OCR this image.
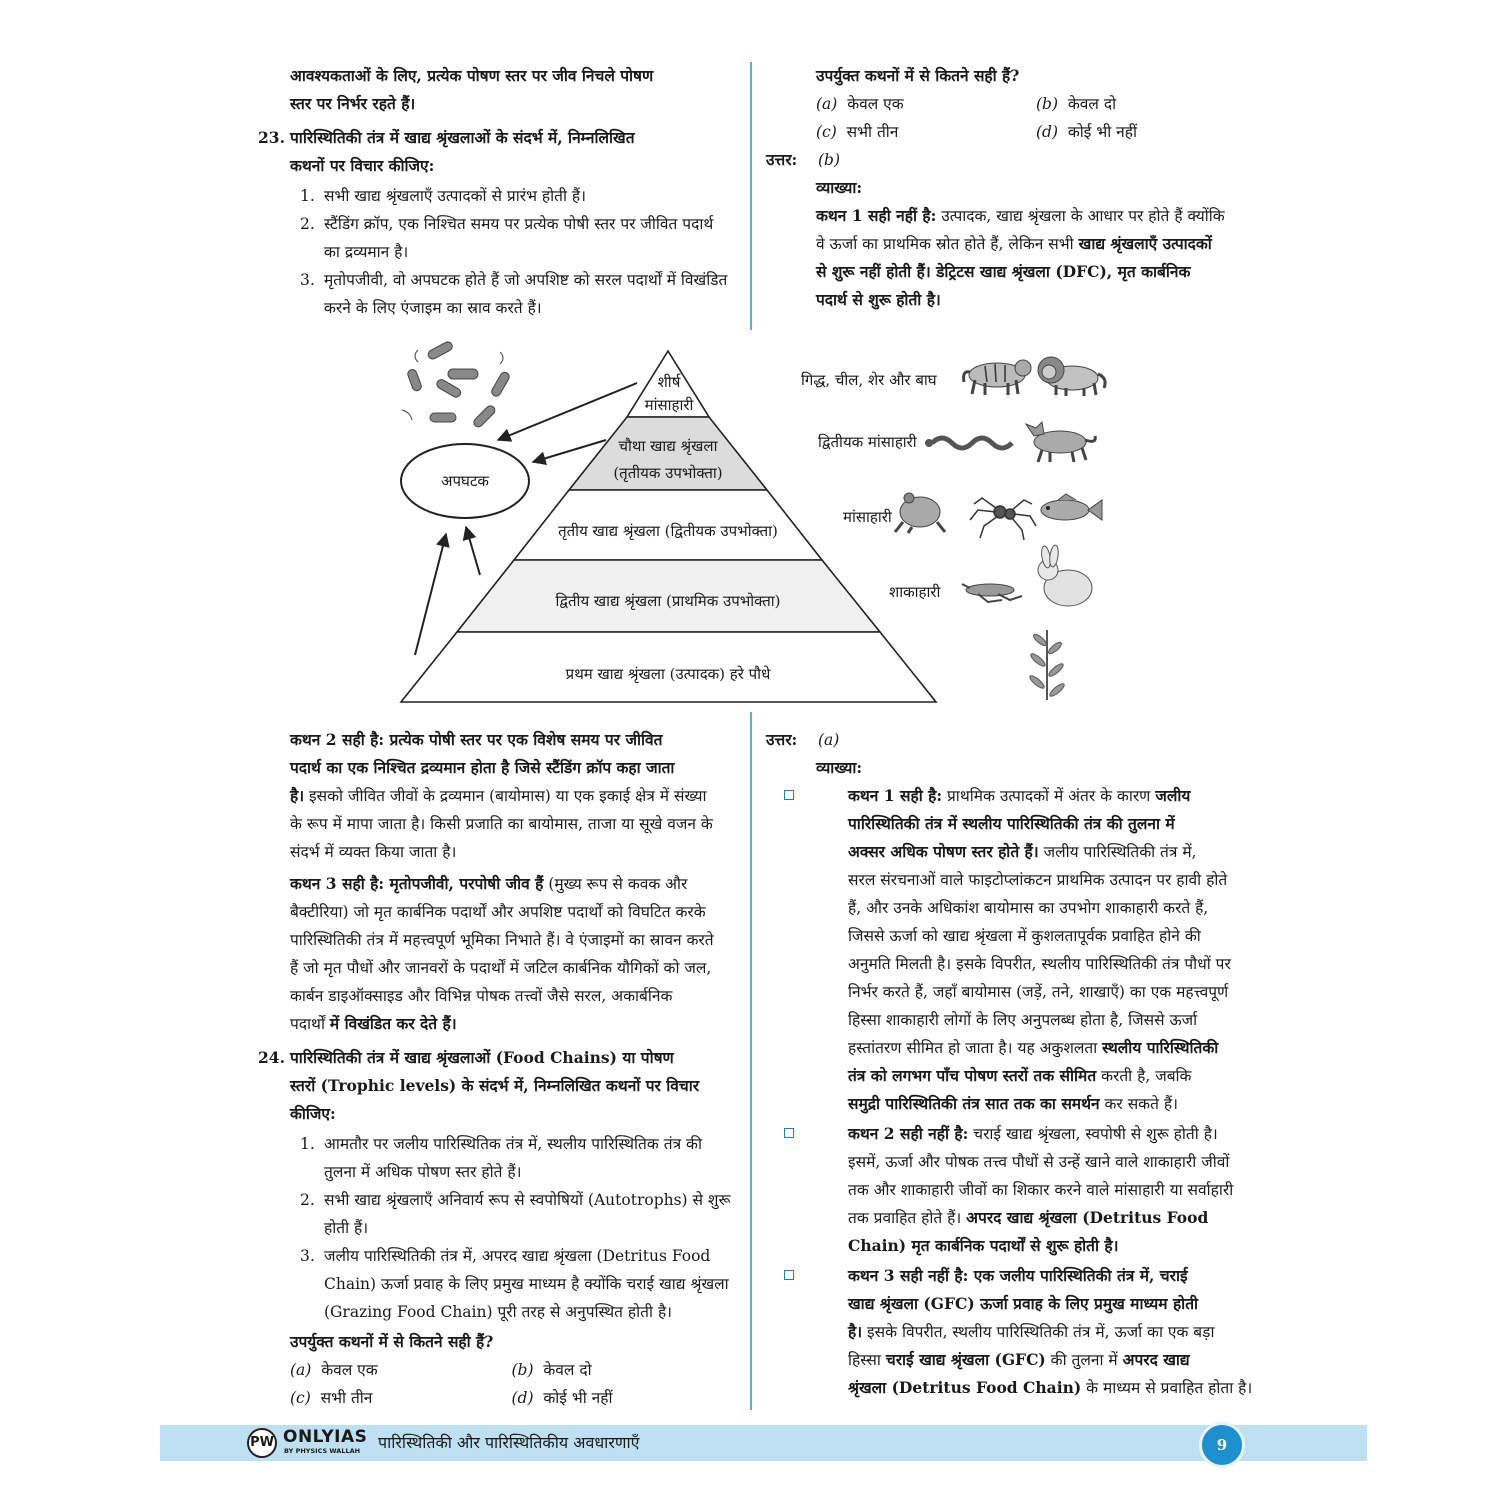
आवश्यकताओं के लिए, प्रत्येक पोषण स्तर पर जीव निचले पोषण
स्तर पर निर्भर रहते हैं।

23. पारिस्थितिकी तंत्र में खाद्य श्रृंखलाओं के संदर्भ में, निम्नलिखित
कथनों पर विचार कीजिए:

1. सभी खाद्य श्रृंखलाएँ उत्पादकों से प्रारंभ होती हैं।
2. स्टैंडिंग क्रॉप, एक निश्चित समय पर प्रत्येक पोषी स्तर पर जीवित पदार्थ
का द्रव्यमान है।
3. मृतोपजीवी, वो अपघटक होते हैं जो अपशिष्ट को सरल पदार्थों में विखंडित
करने के लिए एंजाइम का स्राव करते हैं।

उपर्युक्त कथनों में से कितने सही हैं?

(a) केवल एक	(b) केवल दो
(c) सभी तीन	(d) कोई भी नहीं
उत्तर: (b)

व्याख्या:

कथन 1 सही नहीं है: उत्पादक, खाद्य श्रृंखला के आधार पर होते हैं क्योंकि
वे ऊर्जा का प्राथमिक स्रोत होते हैं, लेकिन सभी खाद्य श्रृंखलाएँ उत्पादकों
से शुरू नहीं होती हैं। डेट्रिटस खाद्य श्रृंखला (DFC), मृत कार्बनिक
पदार्थ से शुरू होती है।

अपघटक
शीर्ष
मांसाहारी
चौथा खाद्य श्रृंखला
(तृतीयक उपभोक्ता)
तृतीय खाद्य श्रृंखला (द्वितीयक उपभोक्ता)
द्वितीय खाद्य श्रृंखला (प्राथमिक उपभोक्ता)
प्रथम खाद्य श्रृंखला (उत्पादक) हरे पौधे
गिद्ध, चील, शेर और बाघ
द्वितीयक मांसाहारी
मांसाहारी
शाकाहारी

कथन 2 सही है: प्रत्येक पोषी स्तर पर एक विशेष समय पर जीवित
पदार्थ का एक निश्चित द्रव्यमान होता है जिसे स्टैंडिंग क्रॉप कहा जाता
है। इसको जीवित जीवों के द्रव्यमान (बायोमास) या एक इकाई क्षेत्र में संख्या
के रूप में मापा जाता है। किसी प्रजाति का बायोमास, ताजा या सूखे वजन के
संदर्भ में व्यक्त किया जाता है।

कथन 3 सही है: मृतोपजीवी, परपोषी जीव हैं (मुख्य रूप से कवक और
बैक्टीरिया) जो मृत कार्बनिक पदार्थों और अपशिष्ट पदार्थों को विघटित करके
पारिस्थितिकी तंत्र में महत्त्वपूर्ण भूमिका निभाते हैं। वे एंजाइमों का स्रावन करते
हैं जो मृत पौधों और जानवरों के पदार्थों में जटिल कार्बनिक यौगिकों को जल,
कार्बन डाइऑक्साइड और विभिन्न पोषक तत्त्वों जैसे सरल, अकार्बनिक
पदार्थों में विखंडित कर देते हैं।

24. पारिस्थितिकी तंत्र में खाद्य श्रृंखलाओं (Food Chains) या पोषण
स्तरों (Trophic levels) के संदर्भ में, निम्नलिखित कथनों पर विचार
कीजिए:

1. आमतौर पर जलीय पारिस्थितिक तंत्र में, स्थलीय पारिस्थितिक तंत्र की
तुलना में अधिक पोषण स्तर होते हैं।
2. सभी खाद्य श्रृंखलाएँ अनिवार्य रूप से स्वपोषियों (Autotrophs) से शुरू
होती हैं।
3. जलीय पारिस्थितिकी तंत्र में, अपरद खाद्य श्रृंखला (Detritus Food
Chain) ऊर्जा प्रवाह के लिए प्रमुख माध्यम है क्योंकि चराई खाद्य श्रृंखला
(Grazing Food Chain) पूरी तरह से अनुपस्थित होती है।

उपर्युक्त कथनों में से कितने सही हैं?

(a) केवल एक	(b) केवल दो
(c) सभी तीन	(d) कोई भी नहीं
उत्तर: (a)

व्याख्या:

कथन 1 सही है: प्राथमिक उत्पादकों में अंतर के कारण जलीय
पारिस्थितिकी तंत्र में स्थलीय पारिस्थितिकी तंत्र की तुलना में
अक्सर अधिक पोषण स्तर होते हैं। जलीय पारिस्थितिकी तंत्र में,
सरल संरचनाओं वाले फाइटोप्लांकटन प्राथमिक उत्पादन पर हावी होते
हैं, और उनके अधिकांश बायोमास का उपभोग शाकाहारी करते हैं,
जिससे ऊर्जा को खाद्य श्रृंखला में कुशलतापूर्वक प्रवाहित होने की
अनुमति मिलती है। इसके विपरीत, स्थलीय पारिस्थितिकी तंत्र पौधों पर
निर्भर करते हैं, जहाँ बायोमास (जड़ें, तने, शाखाएँ) का एक महत्त्वपूर्ण
हिस्सा शाकाहारी लोगों के लिए अनुपलब्ध होता है, जिससे ऊर्जा
हस्तांतरण सीमित हो जाता है। यह अकुशलता स्थलीय पारिस्थितिकी
तंत्र को लगभग पाँच पोषण स्तरों तक सीमित करती है, जबकि
समुद्री पारिस्थितिकी तंत्र सात तक का समर्थन कर सकते हैं।
कथन 2 सही नहीं है: चराई खाद्य श्रृंखला, स्वपोषी से शुरू होती है।
इसमें, ऊर्जा और पोषक तत्त्व पौधों से उन्हें खाने वाले शाकाहारी जीवों
तक और शाकाहारी जीवों का शिकार करने वाले मांसाहारी या सर्वाहारी
तक प्रवाहित होते हैं। अपरद खाद्य श्रृंखला (Detritus Food
Chain) मृत कार्बनिक पदार्थों से शुरू होती है।
कथन 3 सही नहीं है: एक जलीय पारिस्थितिकी तंत्र में, चराई
खाद्य श्रृंखला (GFC) ऊर्जा प्रवाह के लिए प्रमुख माध्यम होती
है। इसके विपरीत, स्थलीय पारिस्थितिकी तंत्र में, ऊर्जा का एक बड़ा
हिस्सा चराई खाद्य श्रृंखला (GFC) की तुलना में अपरद खाद्य
श्रृंखला (Detritus Food Chain) के माध्यम से प्रवाहित होता है।
PW ONLYIAS
BY PHYSICS WALLAH पारिस्थितिकी और पारिस्थितिकीय अवधारणाएँ	9
